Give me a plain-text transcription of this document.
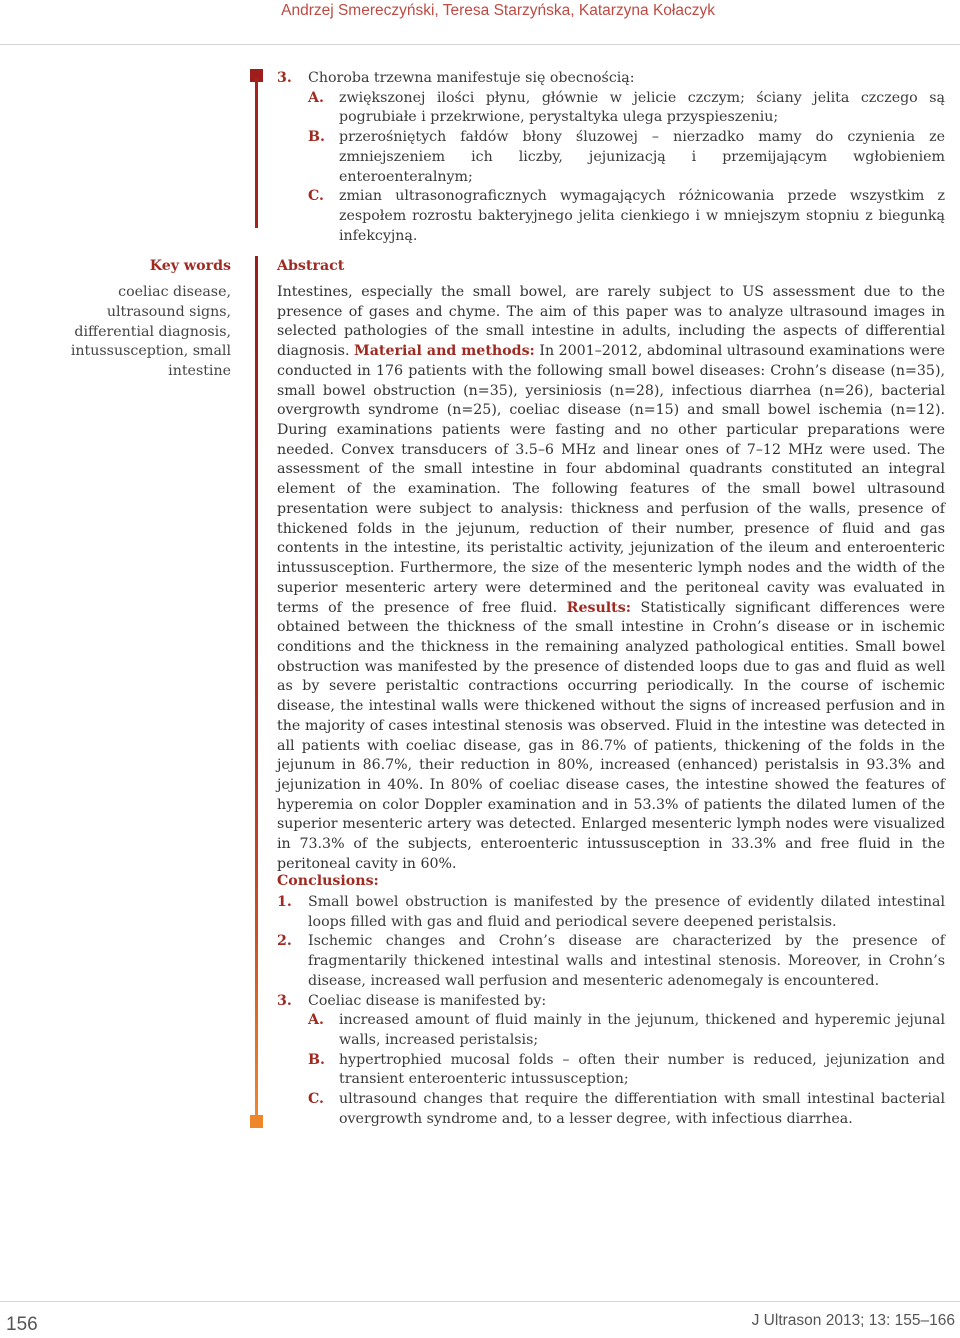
Andrzej Smereczyński, Teresa Starzyńska, Katarzyna Kołaczyk
3.	Choroba trzewna manifestuje się obecnością:
A.	zwiększonej ilości płynu, głównie w jelicie czczym; ściany jelita czczego są pogrubiałe i przekrwione, perystaltyka ulega przyspieszeniu;
B. przerośniętych fałdów błony śluzowej – nierzadko mamy do czynienia ze zmniejszeniem ich liczby, jejunizacją i przemijającym wgłobieniem enteroenteralnym;
C.	zmian ultrasonograficznych wymagających różnicowania przede wszystkim z zespołem rozrostu bakteryjnego jelita cienkiego i w mniejszym stopniu z biegunką infekcyjną.
Key words
coeliac disease, ultrasound signs, differential diagnosis, intussusception, small intestine
Abstract
Intestines, especially the small bowel, are rarely subject to US assessment due to the presence of gases and chyme. The aim of this paper was to analyze ultrasound images in selected pathologies of the small intestine in adults, including the aspects of differential diagnosis. Material and methods: In 2001–2012, abdominal ultrasound examinations were conducted in 176 patients with the following small bowel diseases: Crohn’s disease (n=35), small bowel obstruction (n=35), yersiniosis (n=28), infectious diarrhea (n=26), bacterial overgrowth syndrome (n=25), coeliac disease (n=15) and small bowel ischemia (n=12). During examinations patients were fasting and no other particular preparations were needed. Convex transducers of 3.5–6 MHz and linear ones of 7–12 MHz were used. The assessment of the small intestine in four abdominal quadrants constituted an integral element of the examination. The following features of the small bowel ultrasound presentation were subject to analysis: thickness and perfusion of the walls, presence of thickened folds in the jejunum, reduction of their number, presence of fluid and gas contents in the intestine, its peristaltic activity, jejunization of the ileum and enteroenteric intussusception. Furthermore, the size of the mesenteric lymph nodes and the width of the superior mesenteric artery were determined and the peritoneal cavity was evaluated in terms of the presence of free fluid. Results: Statistically significant differences were obtained between the thickness of the small intestine in Crohn’s disease or in ischemic conditions and the thickness in the remaining analyzed pathological entities. Small bowel obstruction was manifested by the presence of distended loops due to gas and fluid as well as by severe peristaltic contractions occurring periodically. In the course of ischemic disease, the intestinal walls were thickened without the signs of increased perfusion and in the majority of cases intestinal stenosis was observed. Fluid in the intestine was detected in all patients with coeliac disease, gas in 86.7% of patients, thickening of the folds in the jejunum in 86.7%, their reduction in 80%, increased (enhanced) peristalsis in 93.3% and jejunization in 40%. In 80% of coeliac disease cases, the intestine showed the features of hyperemia on color Doppler examination and in 53.3% of patients the dilated lumen of the superior mesenteric artery was detected. Enlarged mesenteric lymph nodes were visualized in 73.3% of the subjects, enteroenteric intussusception in 33.3% and free fluid in the peritoneal cavity in 60%.
Conclusions:
1.	Small bowel obstruction is manifested by the presence of evidently dilated intestinal loops filled with gas and fluid and periodical severe deepened peristalsis.
2.	Ischemic changes and Crohn’s disease are characterized by the presence of fragmentarily thickened intestinal walls and intestinal stenosis. Moreover, in Crohn’s disease, increased wall perfusion and mesenteric adenomegaly is encountered.
3.	Coeliac disease is manifested by:
A.	increased amount of fluid mainly in the jejunum, thickened and hyperemic jejunal walls, increased peristalsis;
B. hypertrophied mucosal folds – often their number is reduced, jejunization and transient enteroenteric intussusception;
C.	ultrasound changes that require the differentiation with small intestinal bacterial overgrowth syndrome and, to a lesser degree, with infectious diarrhea.
156	J Ultrason 2013; 13: 155–166
